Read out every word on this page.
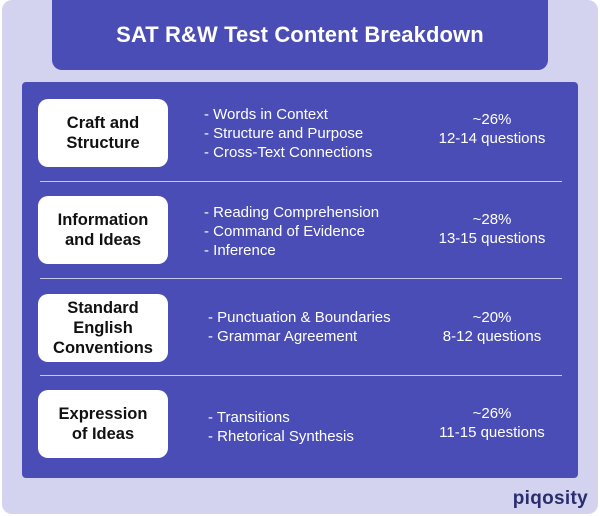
SAT R&W Test Content Breakdown
Craft and
Structure
- Words in Context
- Structure and Purpose
- Cross-Text Connections
~26%
12-14 questions
Information
and Ideas
- Reading Comprehension
- Command of Evidence
- Inference
~28%
13-15 questions
Standard
English
Conventions
- Punctuation & Boundaries
- Grammar Agreement
~20%
8-12 questions
Expression
of Ideas
- Transitions
- Rhetorical Synthesis
~26%
11-15 questions
piqosity
